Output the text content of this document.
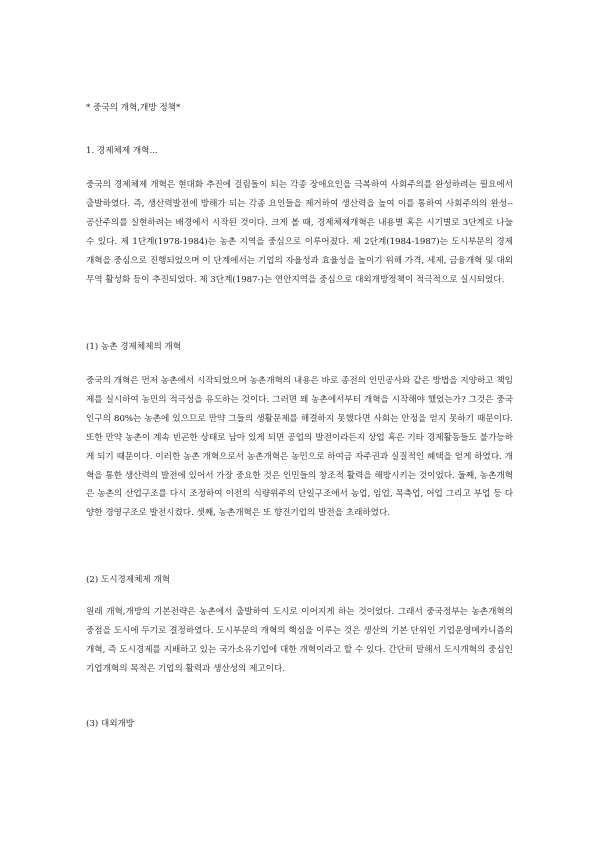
* 중국의 개혁,개방 정책*
1. 경제체제 개혁...
중국의 경제체제 개혁은 현대화 추진에 걸림돌이 되는 각종 장애요인을 극복하여 사회주의를 완성하려는 필요에서 출발하였다. 즉, 생산력발전에 방해가 되는 각종 요인들을 제거하여 생산력을 높여 이를 통하여 사회주의의 완성--공산주의를 실현하려는 배경에서 시작된 것이다. 크게 볼 때, 경제체제개혁은 내용별 혹은 시기별로 3단계로 나눌 수 있다. 제 1단계(1978-1984)는 농촌 지역을 중심으로 이루어졌다. 제 2단계(1984-1987)는 도시부문의 경제개혁을 중심으로 진행되었으며 이 단계에서는 기업의 자율성과 효율성을 높이기 위해 가격, 세제, 금융개혁 및 대외무역 활성화 등이 추진되었다. 제 3단계(1987-)는 연안지역을 중심으로 대외개방정책이 적극적으로 실시되었다.
(1) 농촌 경제체제의 개혁
중국의 개혁은 먼저 농촌에서 시작되었으며 농촌개혁의 내용은 바로 종전의 인민공사와 같은 방법을 지양하고 책임제를 실시하여 농민의 적극성을 유도하는 것이다. 그러면 왜 농촌에서부터 개혁을 시작해야 했었는가? 그것은 중국인구의 80%는 농촌에 있으므로 만약 그들의 생활문제를 해결하지 못했다면 사회는 안정을 얻지 못하기 때문이다. 또한 만약 농촌이 계속 빈곤한 상태로 남아 있게 되면 공업의 발전이라든지 상업 혹은 기타 경제활동들도 불가능하게 되기 때문이다. 이러한 농촌 개혁으로서 농촌개혁은 농민으로 하여금 자주권과 실질적인 혜택을 얻게 하였다. 개혁을 통한 생산력의 발전에 있어서 가장 중요한 것은 인민들의 창조적 활력을 해방시키는 것이었다. 둘째, 농촌개혁은 농촌의 산업구조를 다시 조정하여 이전의 식량위주의 단일구조에서 농업, 임업, 목축업, 어업 그리고 부업 등 다양한 경영구조로 발전시켰다. 셋째, 농촌개혁은 또 향진기업의 발전을 초래하였다.
(2) 도시경제체제 개혁
원래 개혁,개방의 기본전략은 농촌에서 출발하여 도시로 이어지게 하는 것이었다. 그래서 중국정부는 농촌개혁의 중점을 도시에 두기로 결정하였다. 도시부문의 개혁의 핵심을 이루는 것은 생산의 기본 단위인 기업운영메카니즘의 개혁, 즉 도시경제를 지배하고 있는 국가소유기업에 대한 개혁이라고 할 수 있다. 간단히 말해서 도시개혁의 중심인 기업개혁의 목적은 기업의 활력과 생산성의 제고이다.
(3) 대외개방
